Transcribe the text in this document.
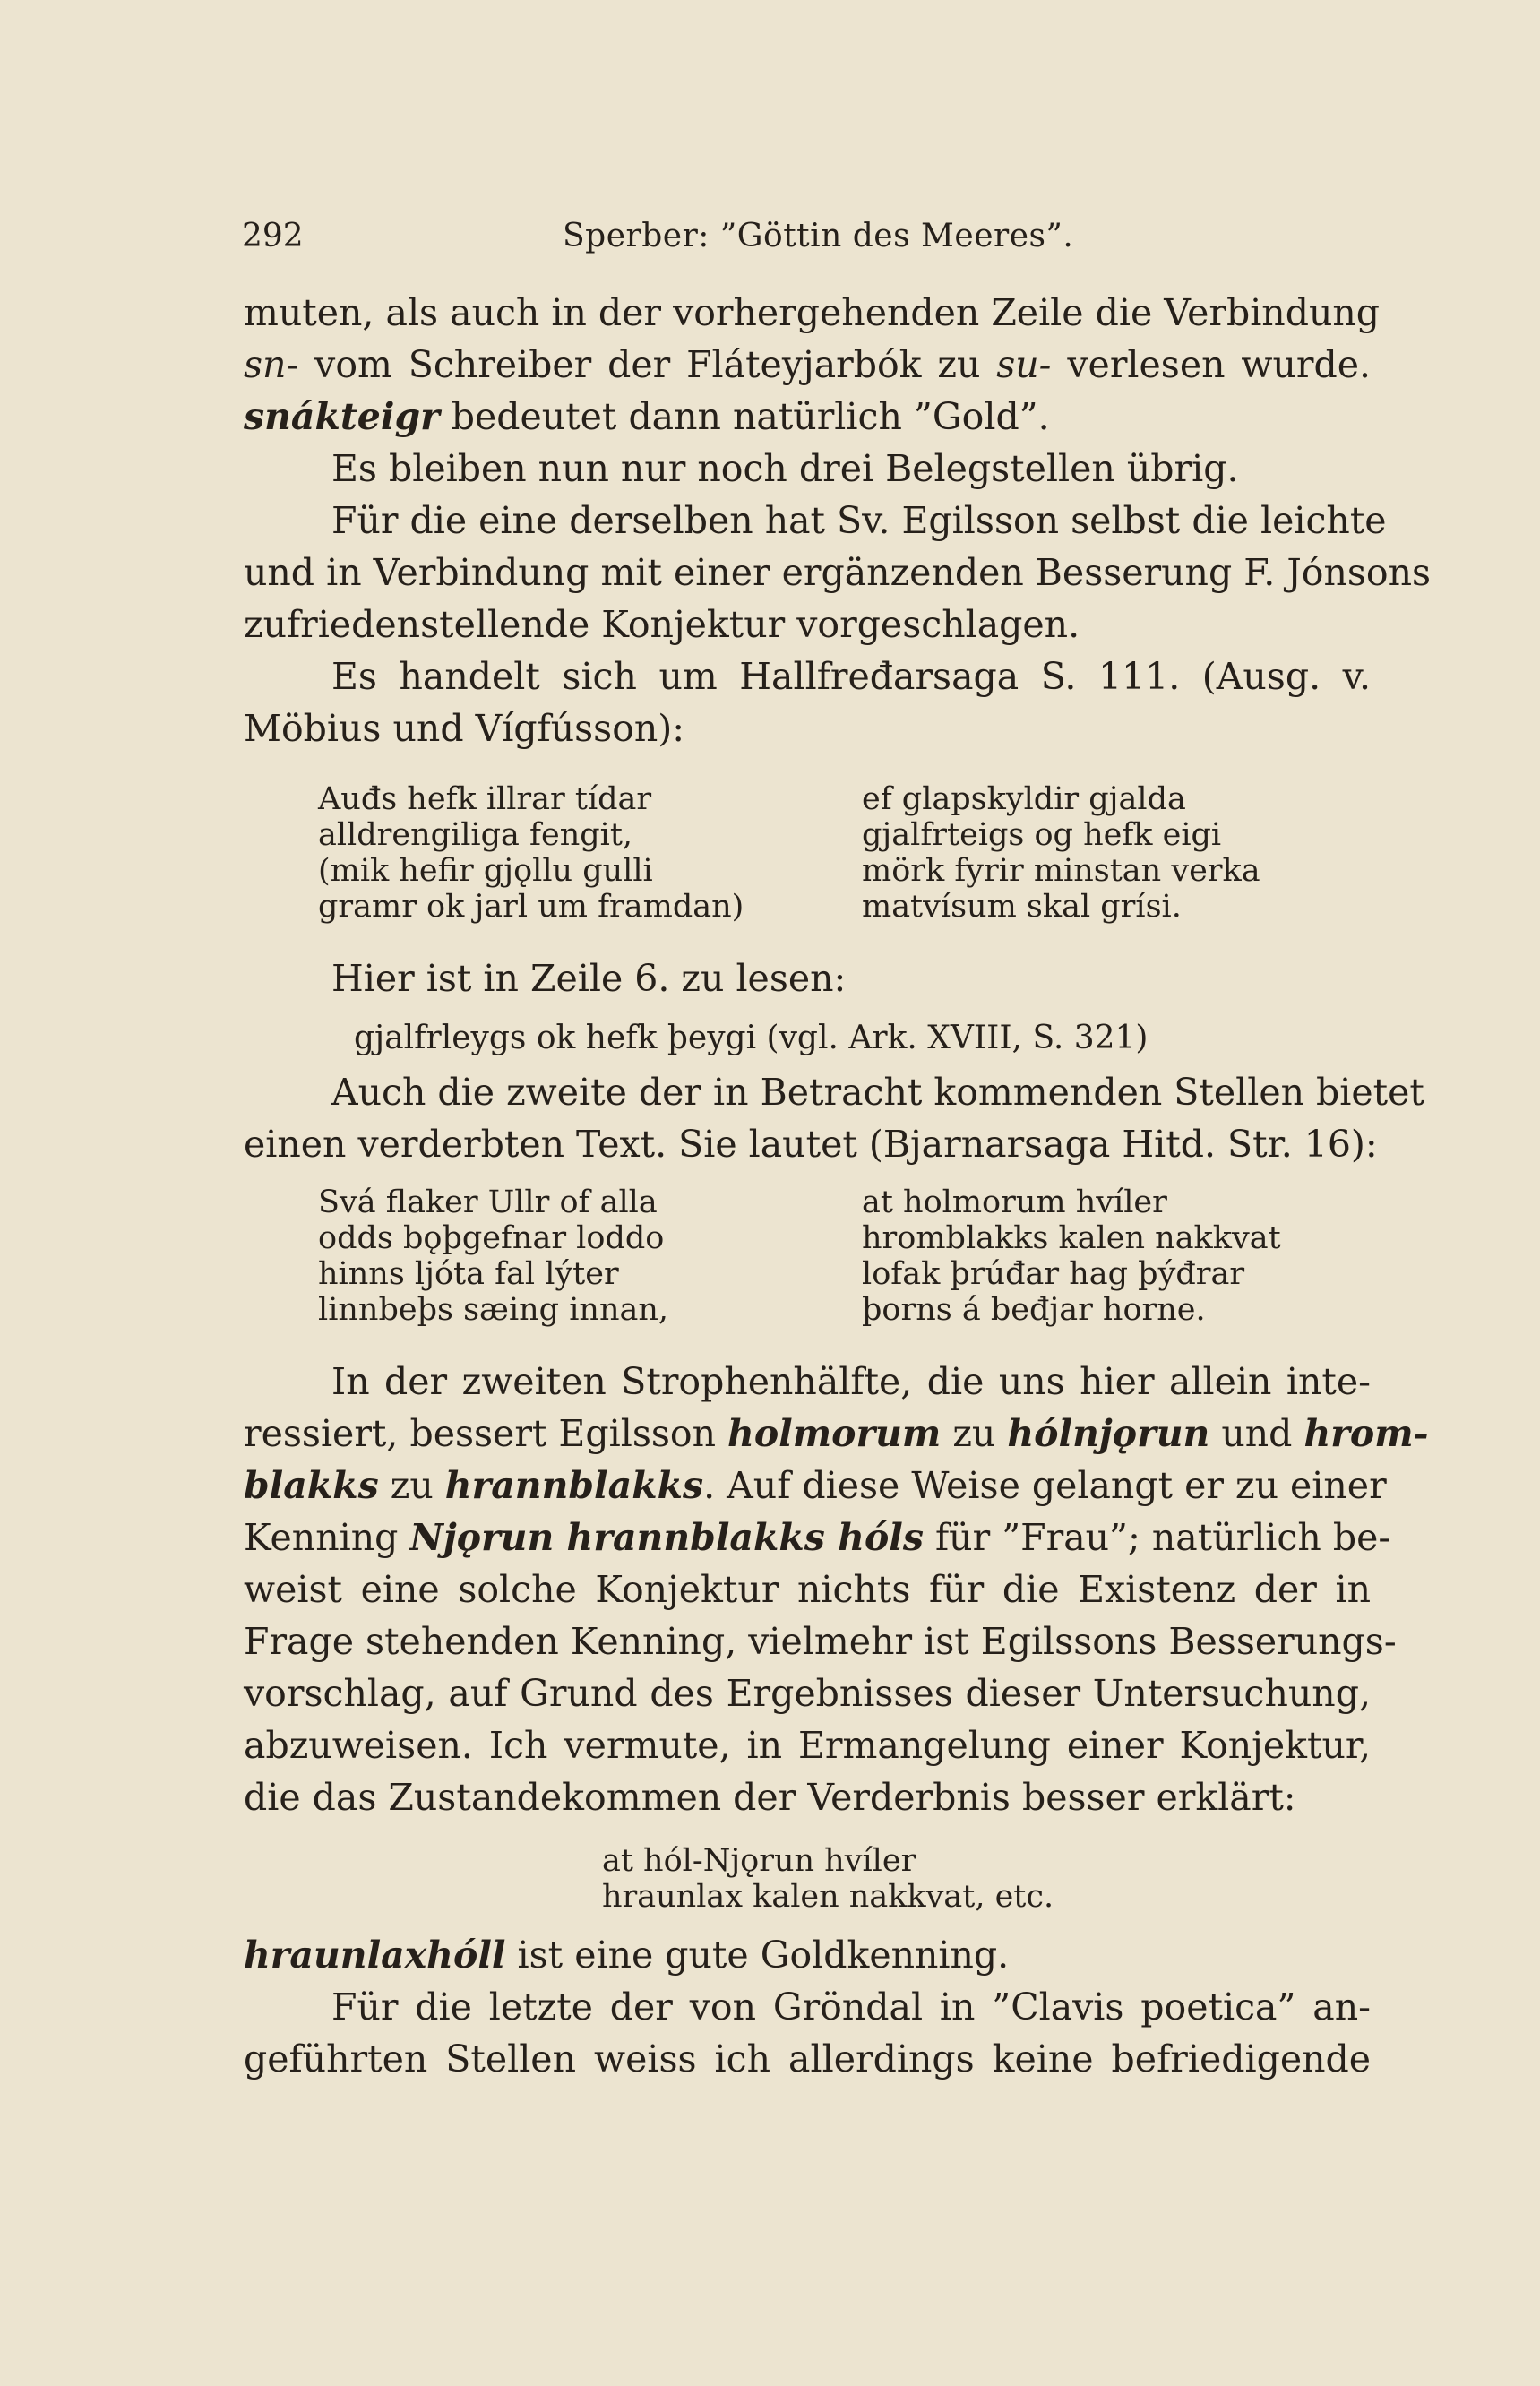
292	Sperber: ”Göttin des Meeres”.
muten, als auch in der vorhergehenden Zeile die Verbindung
sn- vom Schreiber der Fláteyjarbók zu su- verlesen wurde.
snákteigr bedeutet dann natürlich ”Gold”.
Es bleiben nun nur noch drei Belegstellen übrig.
Für die eine derselben hat Sv. Egilsson selbst die leichte
und in Verbindung mit einer ergänzenden Besserung F. Jónsons
zufriedenstellende Konjektur vorgeschlagen.
Es handelt sich um Hallfređarsaga S. 111. (Ausg. v.
Möbius und Vígfússon):
Auđs hefk illrar tídar
alldrengiliga fengit,
(mik hefir gjǫllu gulli
gramr ok jarl um framdan)
ef glapskyldir gjalda
gjalfrteigs og hefk eigi
mörk fyrir minstan verka
matvísum skal grísi.
Hier ist in Zeile 6. zu lesen:
gjalfrleygs ok hefk þeygi (vgl. Ark. XVIII, S. 321)
Auch die zweite der in Betracht kommenden Stellen bietet
einen verderbten Text. Sie lautet (Bjarnarsaga Hitd. Str. 16):
Svá flaker Ullr of alla
odds bǫþgefnar loddo
hinns ljóta fal lýter
linnbeþs sæing innan,
at holmorum hvíler
hromblakks kalen nakkvat
lofak þrúđar hag þýđrar
þorns á beđjar horne.
In der zweiten Strophenhälfte, die uns hier allein inte-
ressiert, bessert Egilsson holmorum zu hólnjǫrun und hrom-
blakks zu hrannblakks. Auf diese Weise gelangt er zu einer
Kenning Njǫrun hrannblakks hóls für ”Frau”; natürlich be-
weist eine solche Konjektur nichts für die Existenz der in
Frage stehenden Kenning, vielmehr ist Egilssons Besserungs-
vorschlag, auf Grund des Ergebnisses dieser Untersuchung,
abzuweisen. Ich vermute, in Ermangelung einer Konjektur,
die das Zustandekommen der Verderbnis besser erklärt:
at hól-Njǫrun hvíler
hraunlax kalen nakkvat, etc.
hraunlaxhóll ist eine gute Goldkenning.
Für die letzte der von Gröndal in ”Clavis poetica” an-
geführten Stellen weiss ich allerdings keine befriedigende
